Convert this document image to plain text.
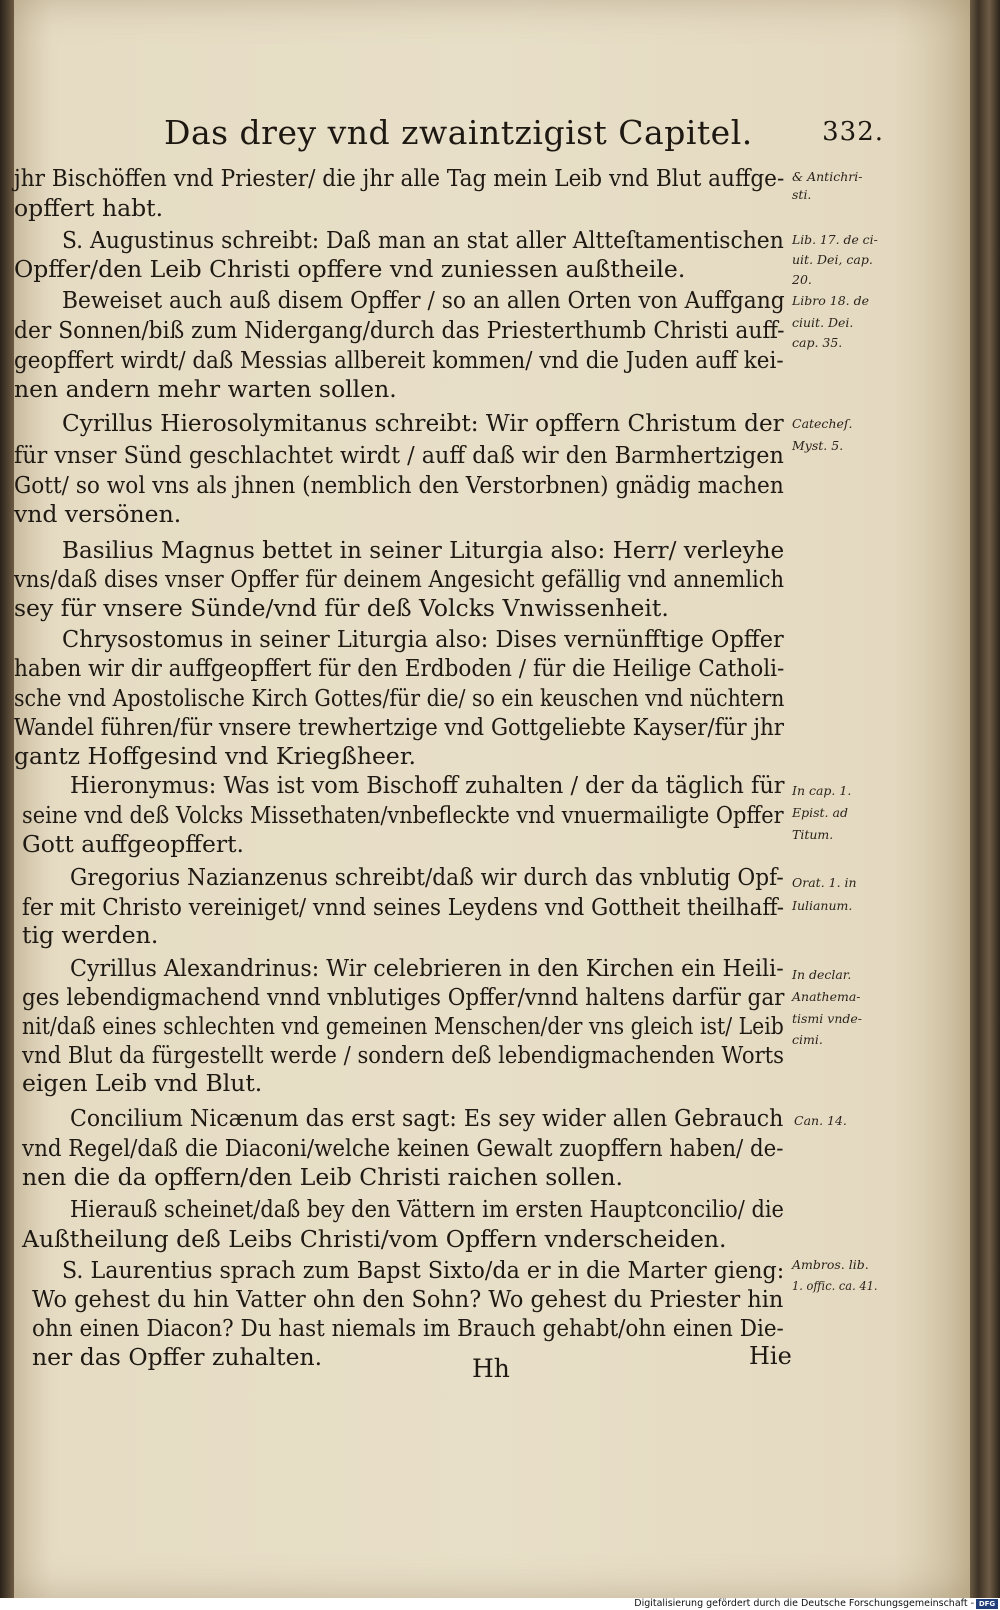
Das drey vnd zwaintzigist Capitel.	332.
jhr Bischöffen vnd Priester/ die jhr alle Tag mein Leib vnd Blut auffge-
opffert habt.
S. Augustinus schreibt: Daß man an stat aller Altteſtamentischen
Opffer/den Leib Christi opffere vnd zuniessen außtheile.
Beweiset auch auß disem Opffer / so an allen Orten von Auffgang
der Sonnen/biß zum Nidergang/durch das Priesterthumb Christi auff-
geopffert wirdt/ daß Messias allbereit kommen/ vnd die Juden auff kei-
nen andern mehr warten sollen.
Cyrillus Hierosolymitanus schreibt: Wir opffern Christum der
für vnser Sünd geschlachtet wirdt / auff daß wir den Barmhertzigen
Gott/ so wol vns als jhnen (nemblich den Verstorbnen) gnädig machen
vnd versönen.
Basilius Magnus bettet in seiner Liturgia also: Herr/ verleyhe
vns/daß dises vnser Opffer für deinem Angesicht gefällig vnd annemlich
sey für vnsere Sünde/vnd für deß Volcks Vnwissenheit.
Chrysostomus in seiner Liturgia also: Dises vernünfftige Opffer
haben wir dir auffgeopffert für den Erdboden / für die Heilige Catholi-
sche vnd Apostolische Kirch Gottes/für die/ so ein keuschen vnd nüchtern
Wandel führen/für vnsere trewhertzige vnd Gottgeliebte Kayser/für jhr
gantz Hoffgesind vnd Kriegßheer.
Hieronymus: Was ist vom Bischoff zuhalten / der da täglich für
seine vnd deß Volcks Missethaten/vnbefleckte vnd vnuermailigte Opffer
Gott auffgeopffert.
Gregorius Nazianzenus schreibt/daß wir durch das vnblutig Opf-
fer mit Christo vereiniget/ vnnd seines Leydens vnd Gottheit theilhaff-
tig werden.
Cyrillus Alexandrinus: Wir celebrieren in den Kirchen ein Heili-
ges lebendigmachend vnnd vnblutiges Opffer/vnnd haltens darfür gar
nit/daß eines schlechten vnd gemeinen Menschen/der vns gleich ist/ Leib
vnd Blut da fürgestellt werde / sondern deß lebendigmachenden Worts
eigen Leib vnd Blut.
Concilium Nicænum das erst sagt: Es sey wider allen Gebrauch
vnd Regel/daß die Diaconi/welche keinen Gewalt zuopffern haben/ de-
nen die da opffern/den Leib Christi raichen sollen.
Hierauß scheinet/daß bey den Vättern im ersten Hauptconcilio/ die
Außtheilung deß Leibs Christi/vom Opffern vnderscheiden.
S. Laurentius sprach zum Bapst Sixto/da er in die Marter gieng:
Wo gehest du hin Vatter ohn den Sohn? Wo gehest du Priester hin
ohn einen Diacon? Du hast niemals im Brauch gehabt/ohn einen Die-
ner das Opffer zuhalten.
& Antichri-
sti.
Lib. 17. de ci-
uit. Dei, cap.
20.
Libro 18. de
ciuit. Dei.
cap. 35.
Catecheſ.
Myst. 5.
In cap. 1.
Epist. ad
Titum.
Orat. 1. in
Iulianum.
In declar.
Anathema-
tismi vnde-
cimi.
Can. 14.
Ambros. lib.
1. offic. ca. 41.
Hh	Hie
Digitalisierung gefördert durch die Deutsche Forschungsgemeinschaft - DFG
